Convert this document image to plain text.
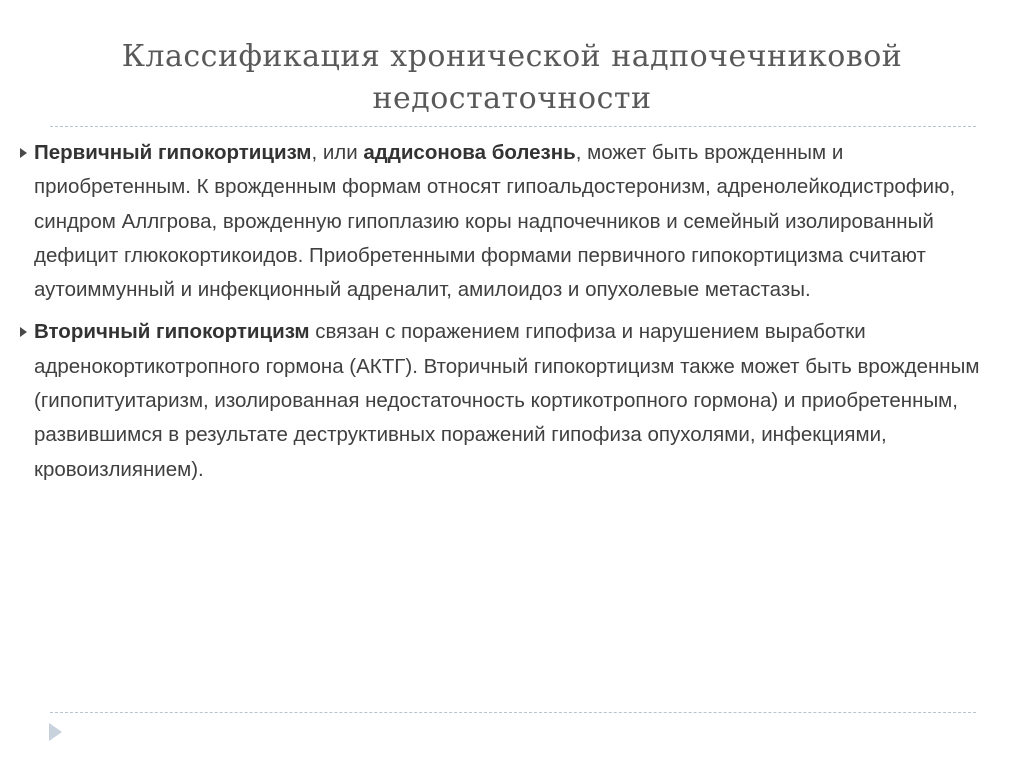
Классификация хронической надпочечниковой недостаточности
Первичный гипокортицизм, или аддисонова болезнь, может быть врожденным и приобретенным. К врожденным формам относят гипоальдостеронизм, адренолейкодистрофию, синдром Аллгрова, врожденную гипоплазию коры надпочечников и семейный изолированный дефицит глюкокортикоидов. Приобретенными формами первичного гипокортицизма считают аутоиммунный и инфекционный адреналит, амилоидоз и опухолевые метастазы.
Вторичный гипокортицизм связан с поражением гипофиза и нарушением выработки адренокортикотропного гормона (АКТГ). Вторичный гипокортицизм также может быть врожденным (гипопитуитаризм, изолированная недостаточность кортикотропного гормона) и приобретенным, развившимся в результате деструктивных поражений гипофиза опухолями, инфекциями, кровоизлиянием).
